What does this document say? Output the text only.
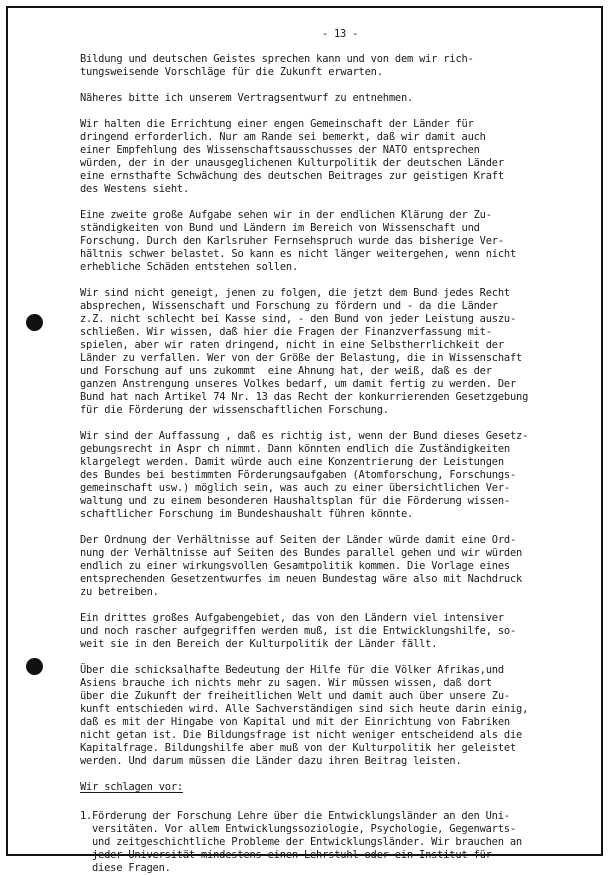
- 13 -
Bildung und deutschen Geistes sprechen kann und von dem wir rich-
tungsweisende Vorschläge für die Zukunft erwarten.
Näheres bitte ich unserem Vertragsentwurf zu entnehmen.
Wir halten die Errichtung einer engen Gemeinschaft der Länder für
dringend erforderlich. Nur am Rande sei bemerkt, daß wir damit auch
einer Empfehlung des Wissenschaftsausschusses der NATO entsprechen
würden, der in der unausgeglichenen Kulturpolitik der deutschen Länder
eine ernsthafte Schwächung des deutschen Beitrages zur geistigen Kraft
des Westens sieht.
Eine zweite große Aufgabe sehen wir in der endlichen Klärung der Zu-
ständigkeiten von Bund und Ländern im Bereich von Wissenschaft und
Forschung. Durch den Karlsruher Fernsehspruch wurde das bisherige Ver-
hältnis schwer belastet. So kann es nicht länger weitergehen, wenn nicht
erhebliche Schäden entstehen sollen.
Wir sind nicht geneigt, jenen zu folgen, die jetzt dem Bund jedes Recht
absprechen, Wissenschaft und Forschung zu fördern und - da die Länder
z.Z. nicht schlecht bei Kasse sind, - den Bund von jeder Leistung auszu-
schließen. Wir wissen, daß hier die Fragen der Finanzverfassung mit-
spielen, aber wir raten dringend, nicht in eine Selbstherrlichkeit der
Länder zu verfallen. Wer von der Größe der Belastung, die in Wissenschaft
und Forschung auf uns zukommt  eine Ahnung hat, der weiß, daß es der
ganzen Anstrengung unseres Volkes bedarf, um damit fertig zu werden. Der
Bund hat nach Artikel 74 Nr. 13 das Recht der konkurrierenden Gesetzgebung
für die Förderung der wissenschaftlichen Forschung.
Wir sind der Auffassung , daß es richtig ist, wenn der Bund dieses Gesetz-
gebungsrecht in Aspr ch nimmt. Dann könnten endlich die Zuständigkeiten
klargelegt werden. Damit würde auch eine Konzentrierung der Leistungen
des Bundes bei bestimmten Förderungsaufgaben (Atomforschung, Forschungs-
gemeinschaft usw.) möglich sein, was auch zu einer übersichtlichen Ver-
waltung und zu einem besonderen Haushaltsplan für die Förderung wissen-
schaftlicher Forschung im Bundeshaushalt führen könnte.
Der Ordnung der Verhältnisse auf Seiten der Länder würde damit eine Ord-
nung der Verhältnisse auf Seiten des Bundes parallel gehen und wir würden
endlich zu einer wirkungsvollen Gesamtpolitik kommen. Die Vorlage eines
entsprechenden Gesetzentwurfes im neuen Bundestag wäre also mit Nachdruck
zu betreiben.
Ein drittes großes Aufgabengebiet, das von den Ländern viel intensiver
und noch rascher aufgegriffen werden muß, ist die Entwicklungshilfe, so-
weit sie in den Bereich der Kulturpolitik der Länder fällt.
Über die schicksalhafte Bedeutung der Hilfe für die Völker Afrikas,und
Asiens brauche ich nichts mehr zu sagen. Wir müssen wissen, daß dort
über die Zukunft der freiheitlichen Welt und damit auch über unsere Zu-
kunft entschieden wird. Alle Sachverständigen sind sich heute darin einig,
daß es mit der Hingabe von Kapital und mit der Einrichtung von Fabriken
nicht getan ist. Die Bildungsfrage ist nicht weniger entscheidend als die
Kapitalfrage. Bildungshilfe aber muß von der Kulturpolitik her geleistet
werden. Und darum müssen die Länder dazu ihren Beitrag leisten.
Wir schlagen vor:
1. Förderung der Forschung Lehre über die Entwicklungsländer an den Uni-
versitäten. Vor allem Entwicklungssoziologie, Psychologie, Gegenwarts-
und zeitgeschichtliche Probleme der Entwicklungsländer. Wir brauchen an
jeder Universität mindestens einen Lehrstuhl oder ein Institut für
diese Fragen.
